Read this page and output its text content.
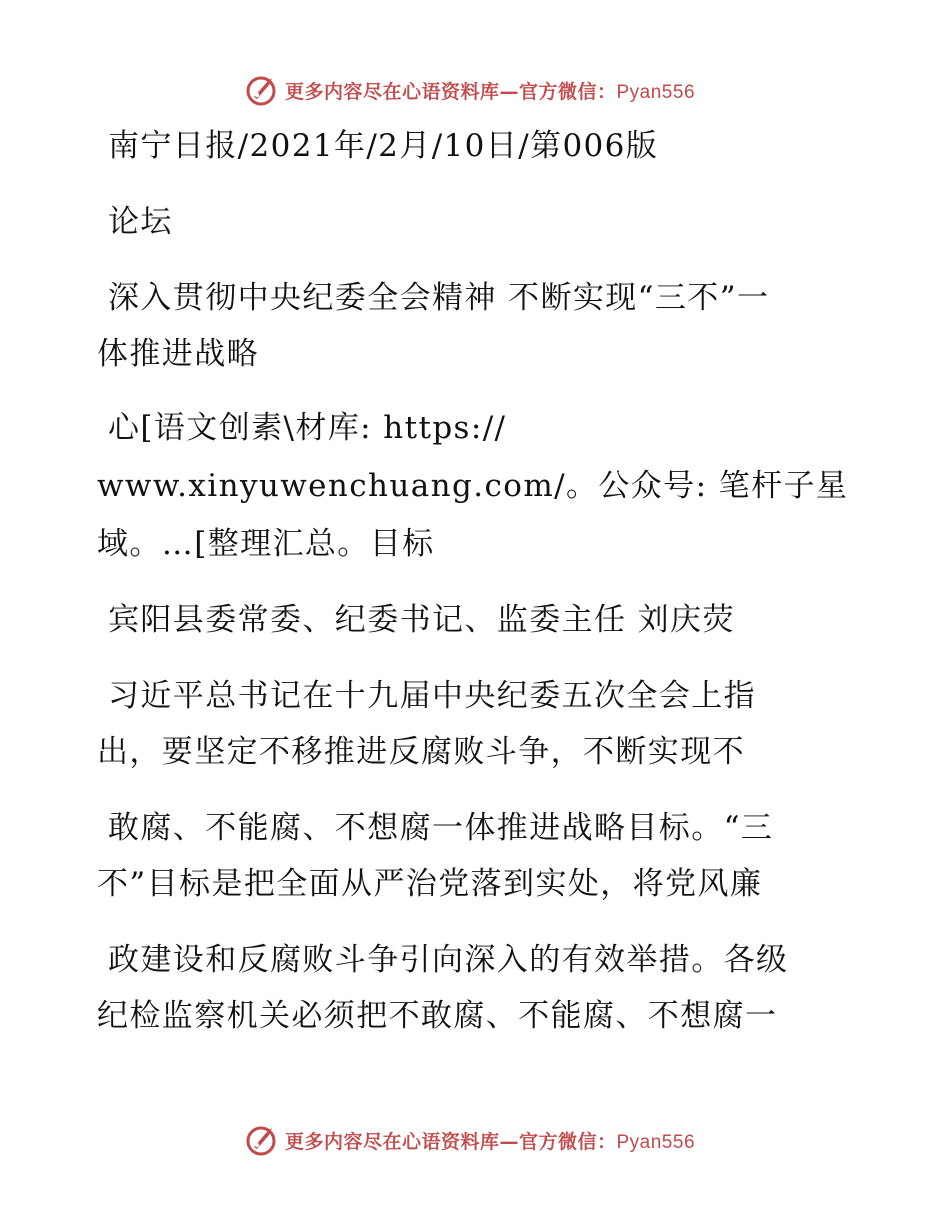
更多内容尽在心语资料库—官方微信：Pyan556
南宁日报/2021年/2月/10日/第006版
论坛
深入贯彻中央纪委全会精神 不断实现“三不”一
体推进战略
心[语文创素\材库: https://
www.xinyuwenchuang.com/。公众号: 笔杆子星
域。…[整理汇总。目标
宾阳县委常委、纪委书记、监委主任 刘庆荧
习近平总书记在十九届中央纪委五次全会上指
出，要坚定不移推进反腐败斗争，不断实现不
敢腐、不能腐、不想腐一体推进战略目标。“三
不”目标是把全面从严治党落到实处，将党风廉
政建设和反腐败斗争引向深入的有效举措。各级
纪检监察机关必须把不敢腐、不能腐、不想腐一
更多内容尽在心语资料库—官方微信：Pyan556
